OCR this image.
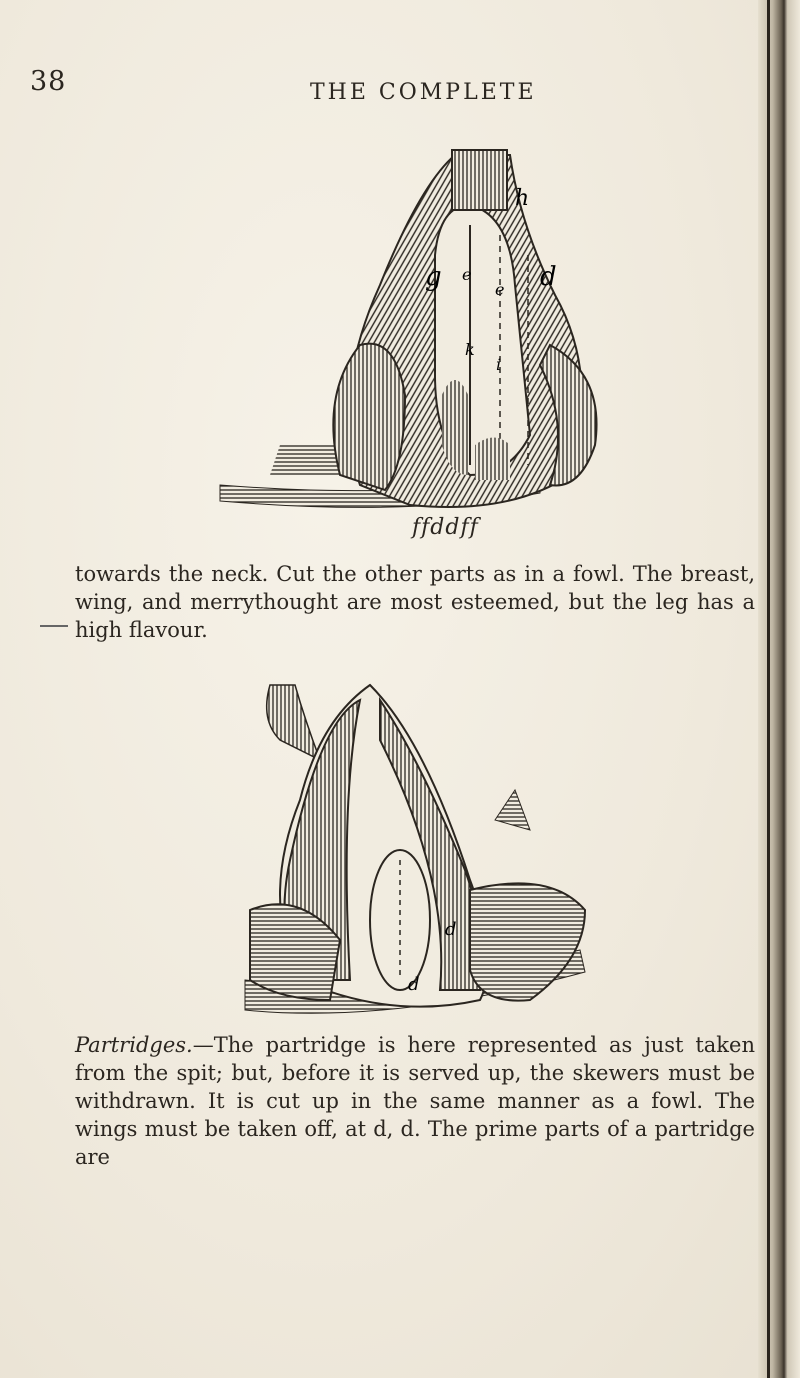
38	THE COMPLETE
g	d
h
e
e
k
i
ffddff

towards the neck. Cut the other parts as in a fowl. The breast, wing, and merrythought are most esteemed, but the leg has a high flavour.

d
d

Partridges.—The partridge is here represented as just taken from the spit; but, before it is served up, the skewers must be withdrawn. It is cut up in the same manner as a fowl. The wings must be taken off, at d, d. The prime parts of a partridge are
